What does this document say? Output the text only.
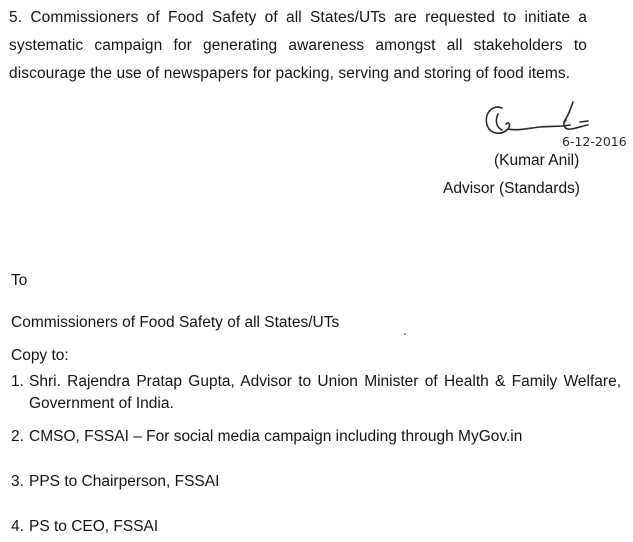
5. Commissioners of Food Safety of all States/UTs are requested to initiate a systematic campaign for generating awareness amongst all stakeholders to discourage the use of newspapers for packing, serving and storing of food items.

6-12-2016

(Kumar Anil)

Advisor (Standards)

To

Commissioners of Food Safety of all States/UTs

Copy to:

1. Shri. Rajendra Pratap Gupta, Advisor to Union Minister of Health & Family Welfare, Government of India.
2. CMSO, FSSAI – For social media campaign including through MyGov.in
3. PPS to Chairperson, FSSAI
4. PS to CEO, FSSAI
